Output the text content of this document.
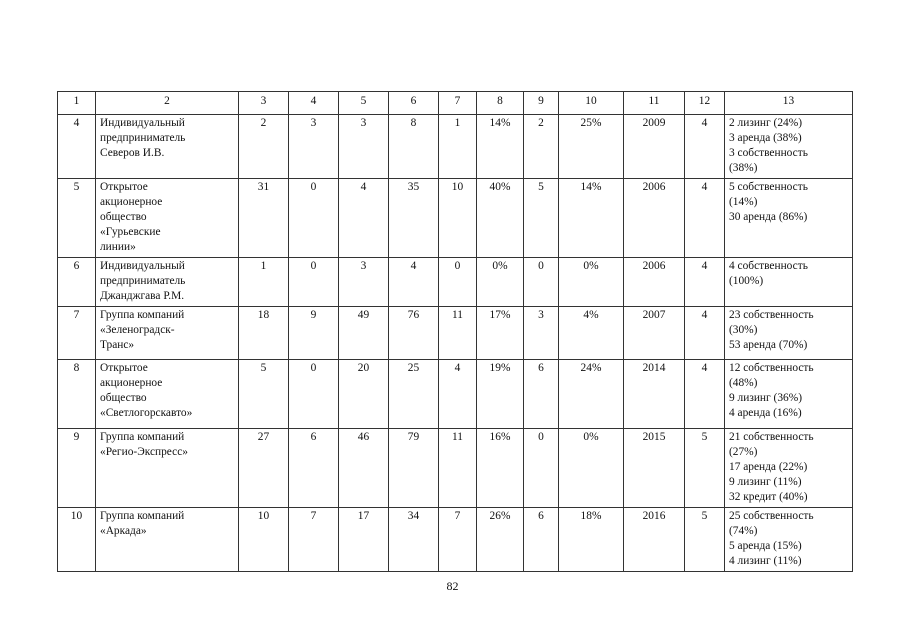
1	2	3	4	5	6	7	8	9	10	11	12	13
4	Индивидуальный
предприниматель
Северов И.В.	2	3	3	8	1	14%	2	25%	2009	4	2 лизинг (24%)
3 аренда (38%)
3 собственность
(38%)

5	Открытое
акционерное
общество
«Гурьевские
линии»	31	0	4	35	10	40%	5	14%	2006	4	5 собственность
(14%)
30 аренда (86%)

6	Индивидуальный
предприниматель
Джанджгава Р.М.	1	0	3	4	0	0%	0	0%	2006	4	4 собственность
(100%)

7	Группа компаний
«Зеленоградск-
Транс»	18	9	49	76	11	17%	3	4%	2007	4	23 собственность
(30%)
53 аренда (70%)

8	Открытое
акционерное
общество
«Светлогорскавто»	5	0	20	25	4	19%	6	24%	2014	4	12 собственность
(48%)
9 лизинг (36%)
4 аренда (16%)

9	Группа компаний
«Регио-Экспресс»	27	6	46	79	11	16%	0	0%	2015	5	21 собственность
(27%)
17 аренда (22%)
9 лизинг (11%)
32 кредит (40%)

10	Группа компаний
«Аркада»	10	7	17	34	7	26%	6	18%	2016	5	25 собственность
(74%)
5 аренда (15%)
4 лизинг (11%)
82
